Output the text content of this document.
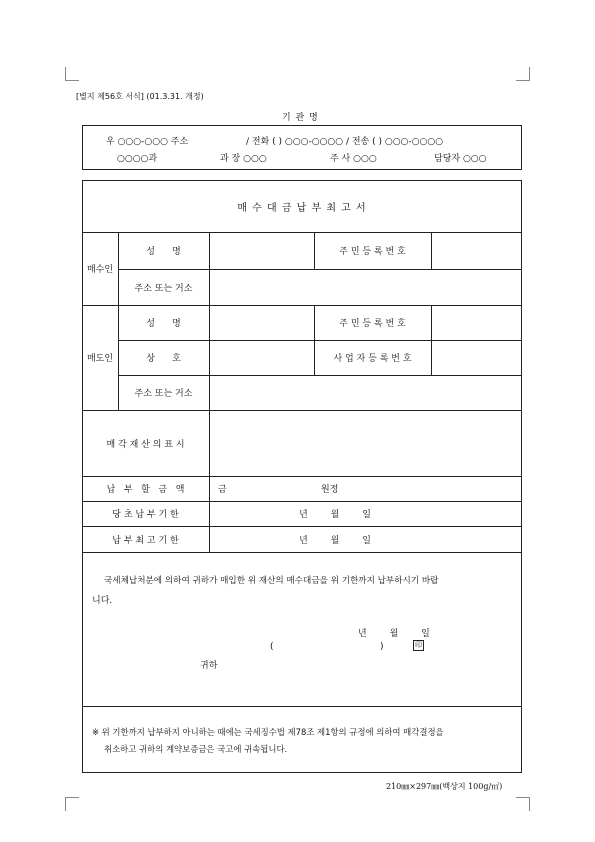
[별지 제56호 서식] (01.3.31. 개정)
기 관 명
우 ○○○-○○○ 주소	/ 전화 ( ) ○○○-○○○○ / 전송 ( ) ○○○-○○○○
○○○○과	과 장 ○○○	주 사 ○○○	담당자 ○○○
매 수 대 금 납 부 최 고 서
매수인
성      명	주 민 등 록 번 호
주소 또는 거소
매도인
성      명	주 민 등 록 번 호
상      호	사 업 자 등 록 번 호
주소 또는 거소
매 각 재 산 의 표 시
납   부   할   금   액	금	원정
당 초 납 부 기 한	년        월        일
납 부 최 고 기 한	년        월        일
국세체납처분에 의하여 귀하가 매입한 위 재산의 매수대금을 위 기한까지 납부하시기 바랍
니다.
년        월        일
(	)	印
귀하
※ 위 기한까지 납부하지 아니하는 때에는 국세징수법 제78조 제1항의 규정에 의하여 매각결정을
취소하고 귀하의 계약보증금은 국고에 귀속됩니다.
210㎜×297㎜(백상지 100g/㎡)
